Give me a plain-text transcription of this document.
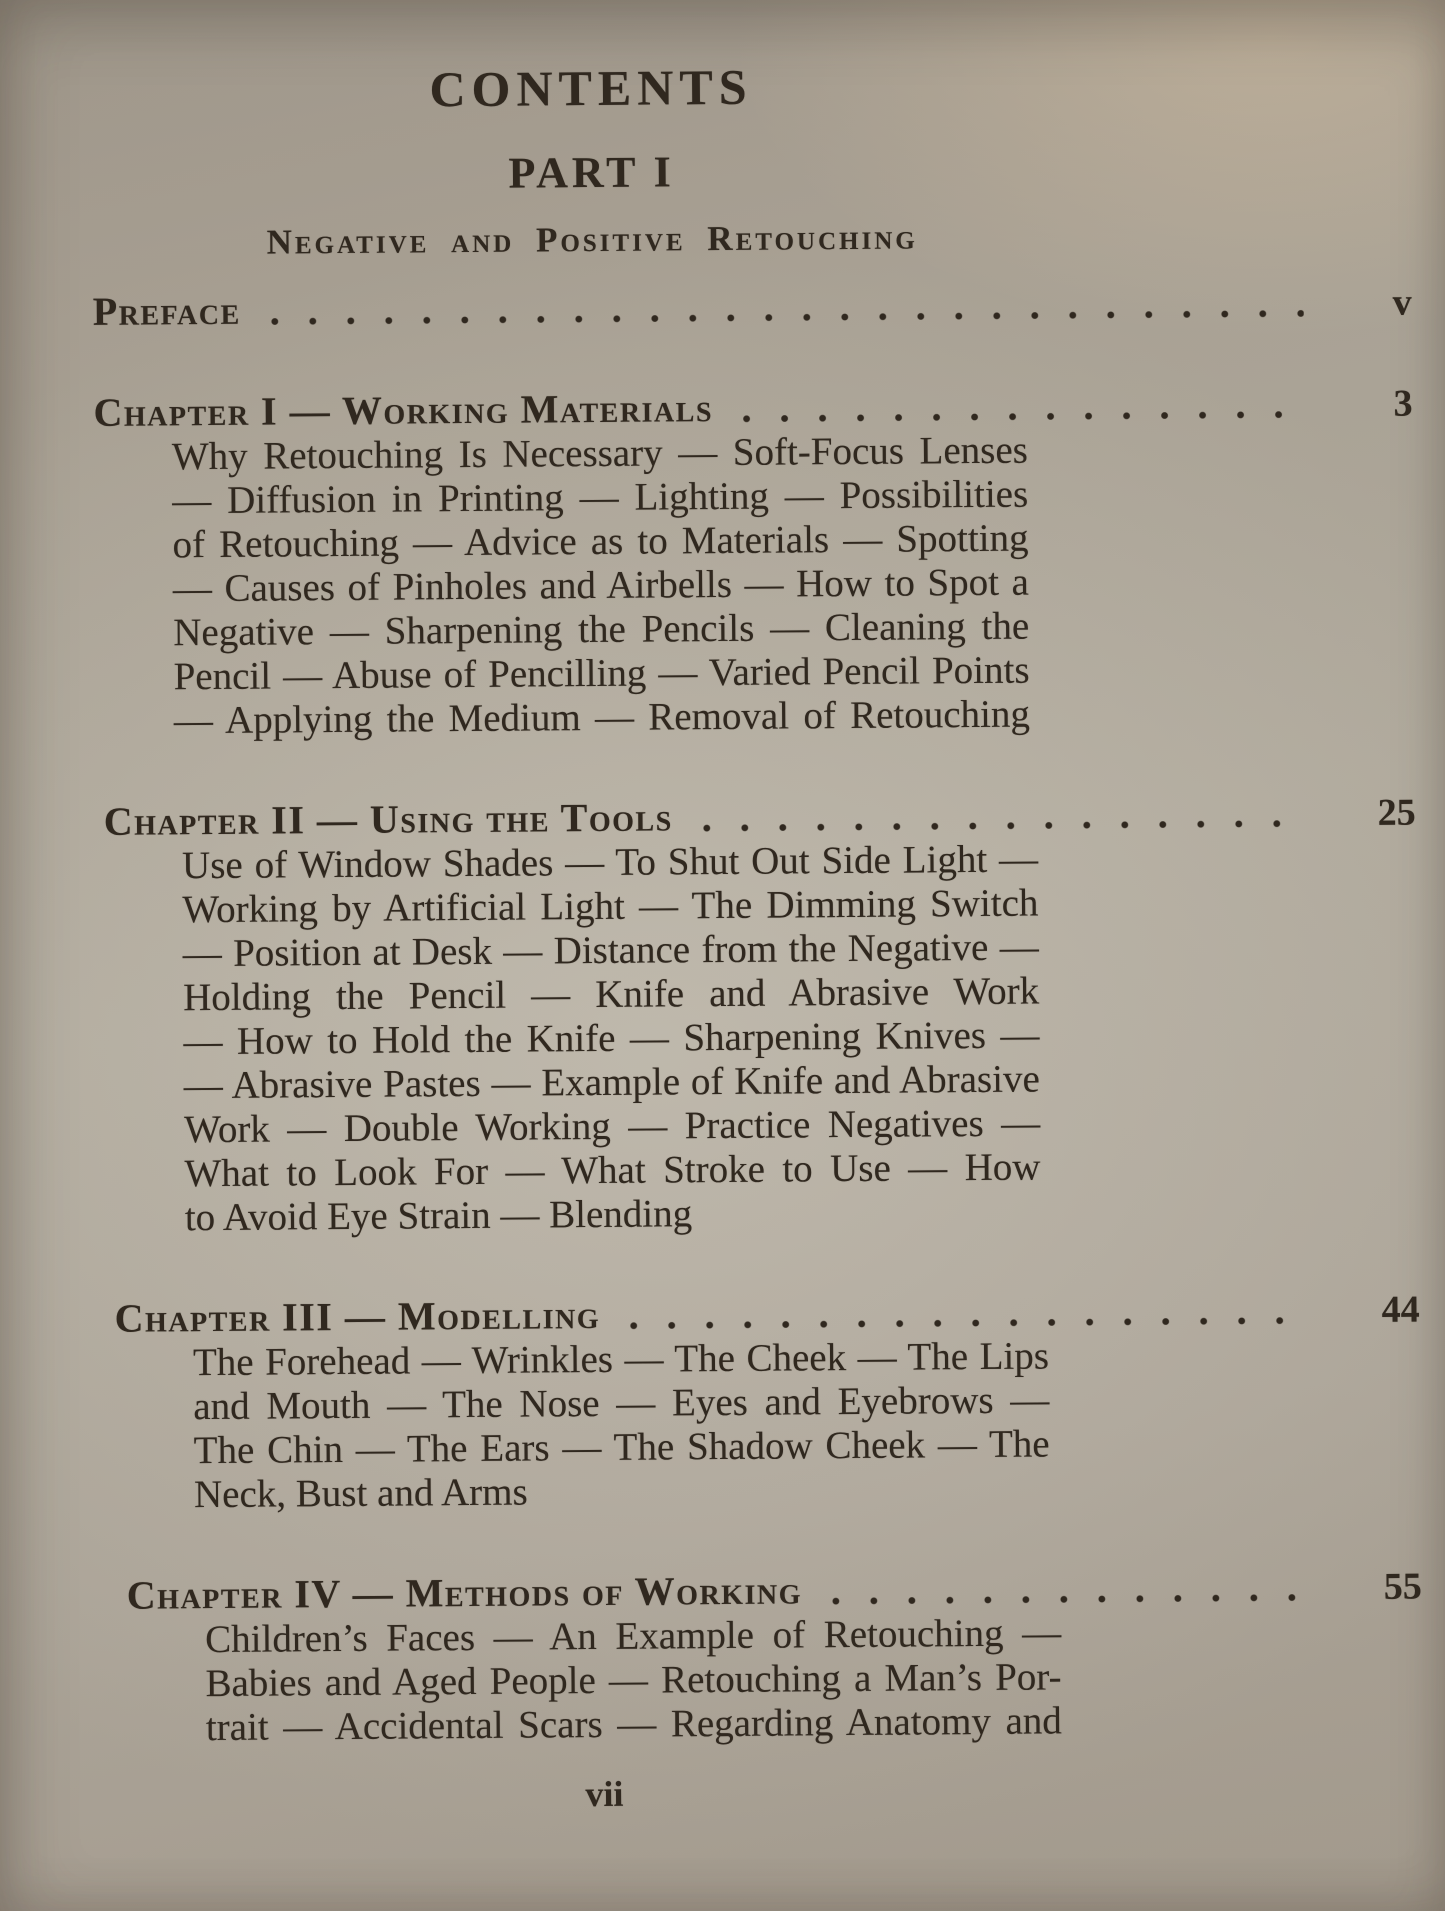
CONTENTS
PART I
Negative and Positive Retouching
Preface	v
Chapter I — Working Materials	3
Why Retouching Is Necessary — Soft-Focus Lenses
— Diffusion in Printing — Lighting — Possibilities
of Retouching — Advice as to Materials — Spotting
— Causes of Pinholes and Airbells — How to Spot a
Negative — Sharpening the Pencils — Cleaning the
Pencil — Abuse of Pencilling — Varied Pencil Points
— Applying the Medium — Removal of Retouching
Chapter II — Using the Tools	25
Use of Window Shades — To Shut Out Side Light —
Working by Artificial Light — The Dimming Switch
— Position at Desk — Distance from the Negative —
Holding the Pencil — Knife and Abrasive Work
— How to Hold the Knife — Sharpening Knives —
— Abrasive Pastes — Example of Knife and Abrasive
Work — Double Working — Practice Negatives —
What to Look For — What Stroke to Use — How
to Avoid Eye Strain — Blending
Chapter III — Modelling	44
The Forehead — Wrinkles — The Cheek — The Lips
and Mouth — The Nose — Eyes and Eyebrows —
The Chin — The Ears — The Shadow Cheek — The
Neck, Bust and Arms
Chapter IV — Methods of Working	55
Children’s Faces — An Example of Retouching —
Babies and Aged People — Retouching a Man’s Por-
trait — Accidental Scars — Regarding Anatomy and
vii
